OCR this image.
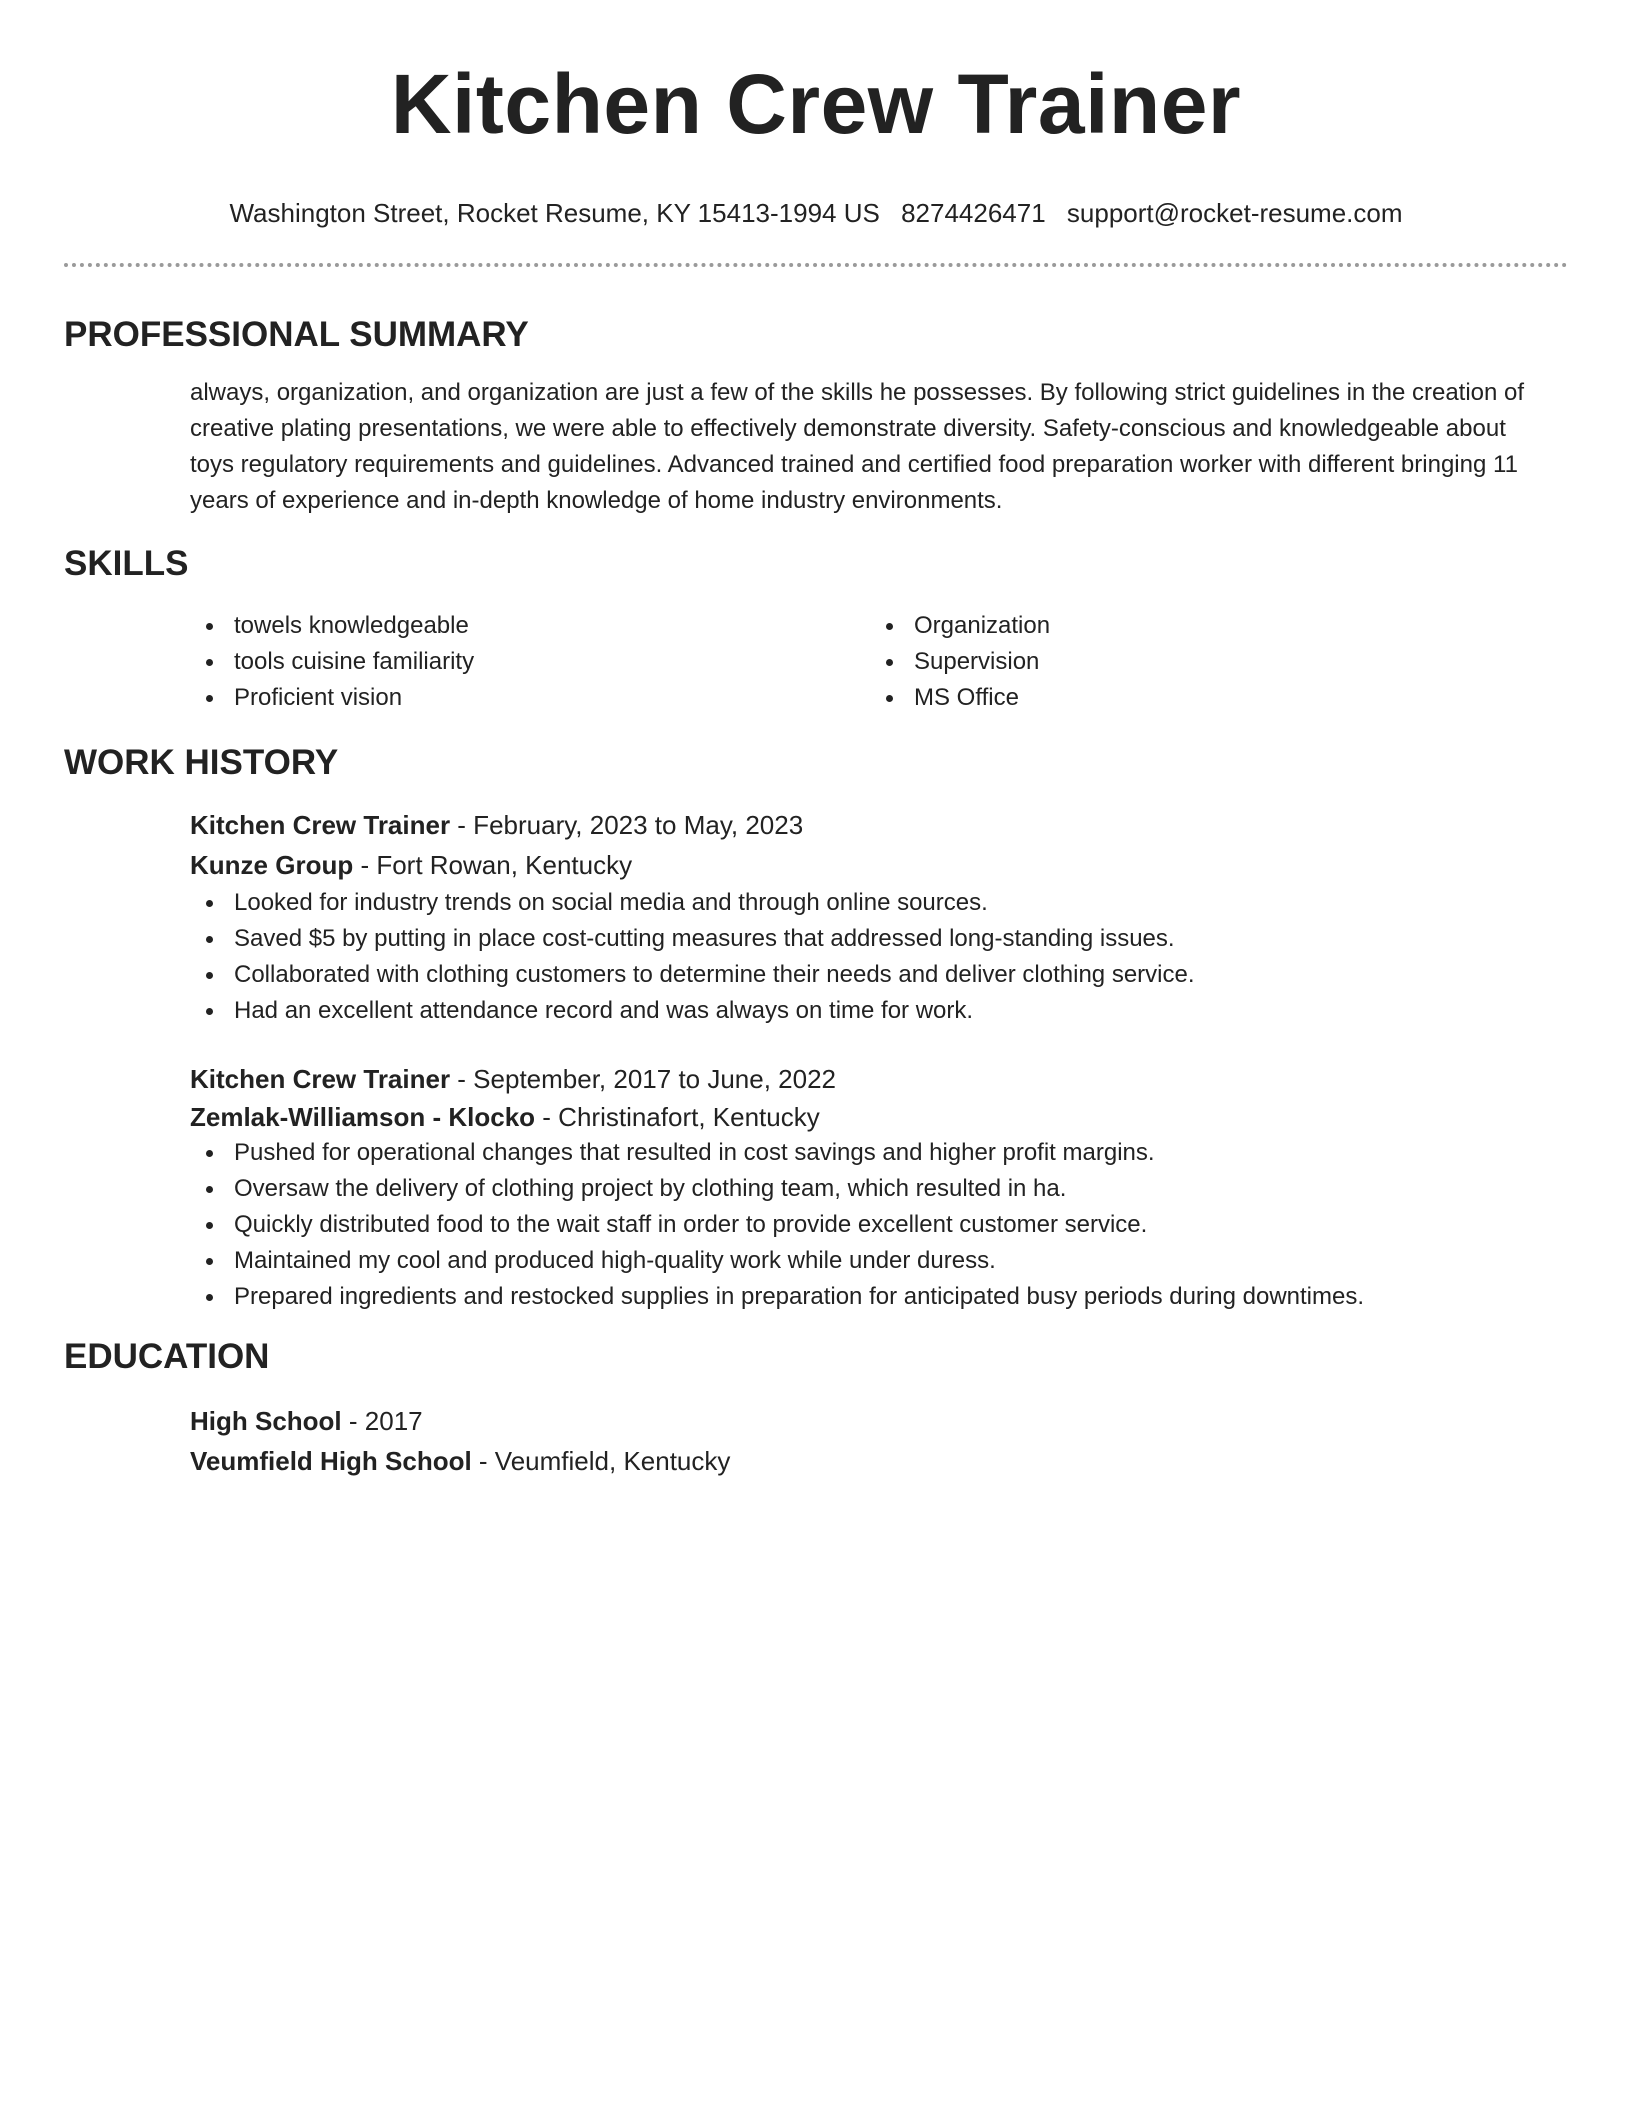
Kitchen Crew Trainer
Washington Street, Rocket Resume, KY 15413-1994 US 8274426471 support@rocket-resume.com
PROFESSIONAL SUMMARY

always, organization, and organization are just a few of the skills he possesses. By following strict guidelines in the creation of creative plating presentations, we were able to effectively demonstrate diversity. Safety-conscious and knowledgeable about toys regulatory requirements and guidelines. Advanced trained and certified food preparation worker with different bringing 11 years of experience and in-depth knowledge of home industry environments.

SKILLS
towels knowledgeable
tools cuisine familiarity
Proficient vision
Organization
Supervision
MS Office
WORK HISTORY
Kitchen Crew Trainer - February, 2023 to May, 2023
Kunze Group - Fort Rowan, Kentucky
Looked for industry trends on social media and through online sources.
Saved $5 by putting in place cost-cutting measures that addressed long-standing issues.
Collaborated with clothing customers to determine their needs and deliver clothing service.
Had an excellent attendance record and was always on time for work.
Kitchen Crew Trainer - September, 2017 to June, 2022
Zemlak-Williamson - Klocko - Christinafort, Kentucky
Pushed for operational changes that resulted in cost savings and higher profit margins.
Oversaw the delivery of clothing project by clothing team, which resulted in ha.
Quickly distributed food to the wait staff in order to provide excellent customer service.
Maintained my cool and produced high-quality work while under duress.
Prepared ingredients and restocked supplies in preparation for anticipated busy periods during downtimes.
EDUCATION
High School - 2017
Veumfield High School - Veumfield, Kentucky
